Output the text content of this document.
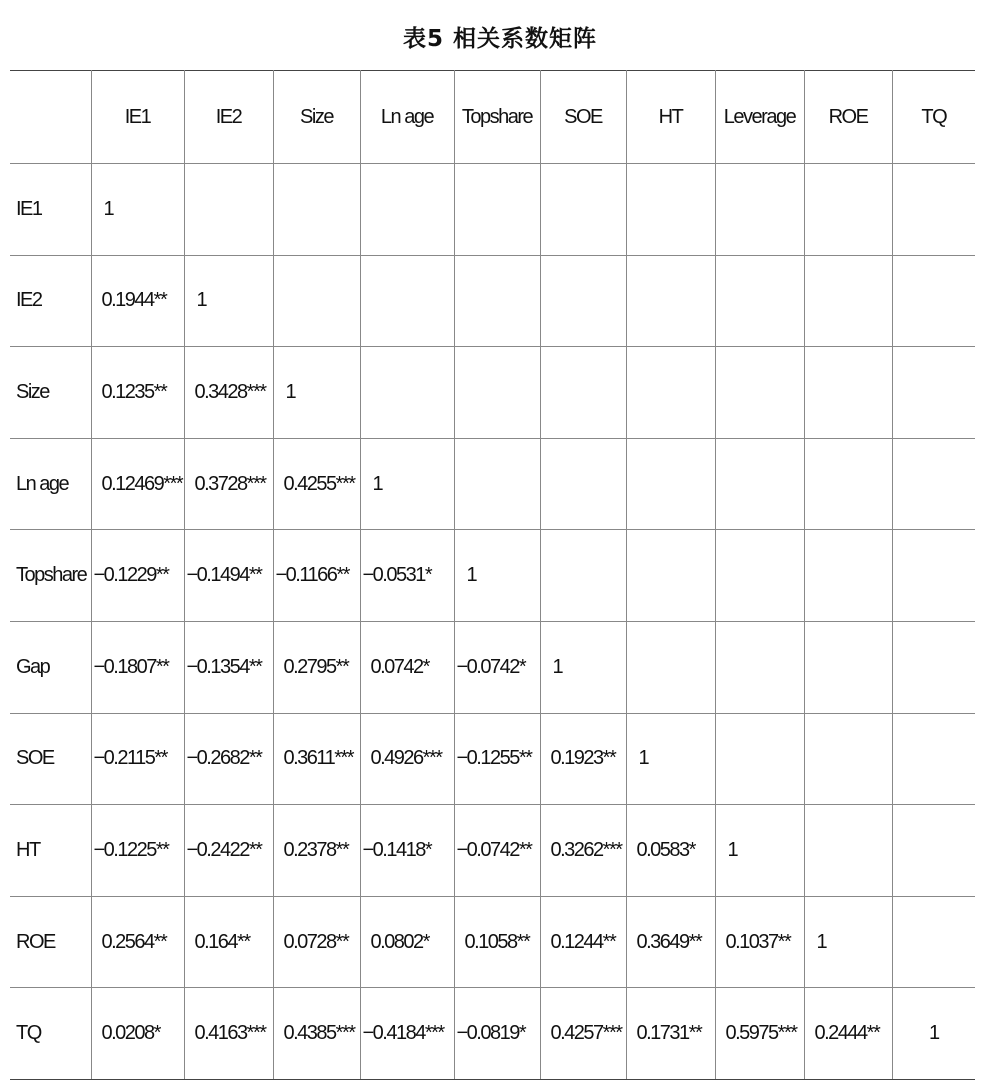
表5 相关系数矩阵
	IE1	IE2	Size	Ln age	Topshare	SOE	HT	Leverage	ROE	TQ
IE1	1									
IE2	0.1944**	1								
Size	0.1235**	0.3428***	1							
Ln age	0.12469***	0.3728***	0.4255***	1						
Topshare	−0.1229**	−0.1494**	−0.1166**	−0.0531*	1					
Gap	−0.1807**	−0.1354**	0.2795**	0.0742*	−0.0742*	1				
SOE	−0.2115**	−0.2682**	0.3611***	0.4926***	−0.1255**	0.1923**	1			
HT	−0.1225**	−0.2422**	0.2378**	−0.1418*	−0.0742**	0.3262***	0.0583*	1		
ROE	0.2564**	0.164**	0.0728**	0.0802*	0.1058**	0.1244**	0.3649**	0.1037**	1	
TQ	0.0208*	0.4163***	0.4385***	−0.4184***	−0.0819*	0.4257***	0.1731**	0.5975***	0.2444**	1
